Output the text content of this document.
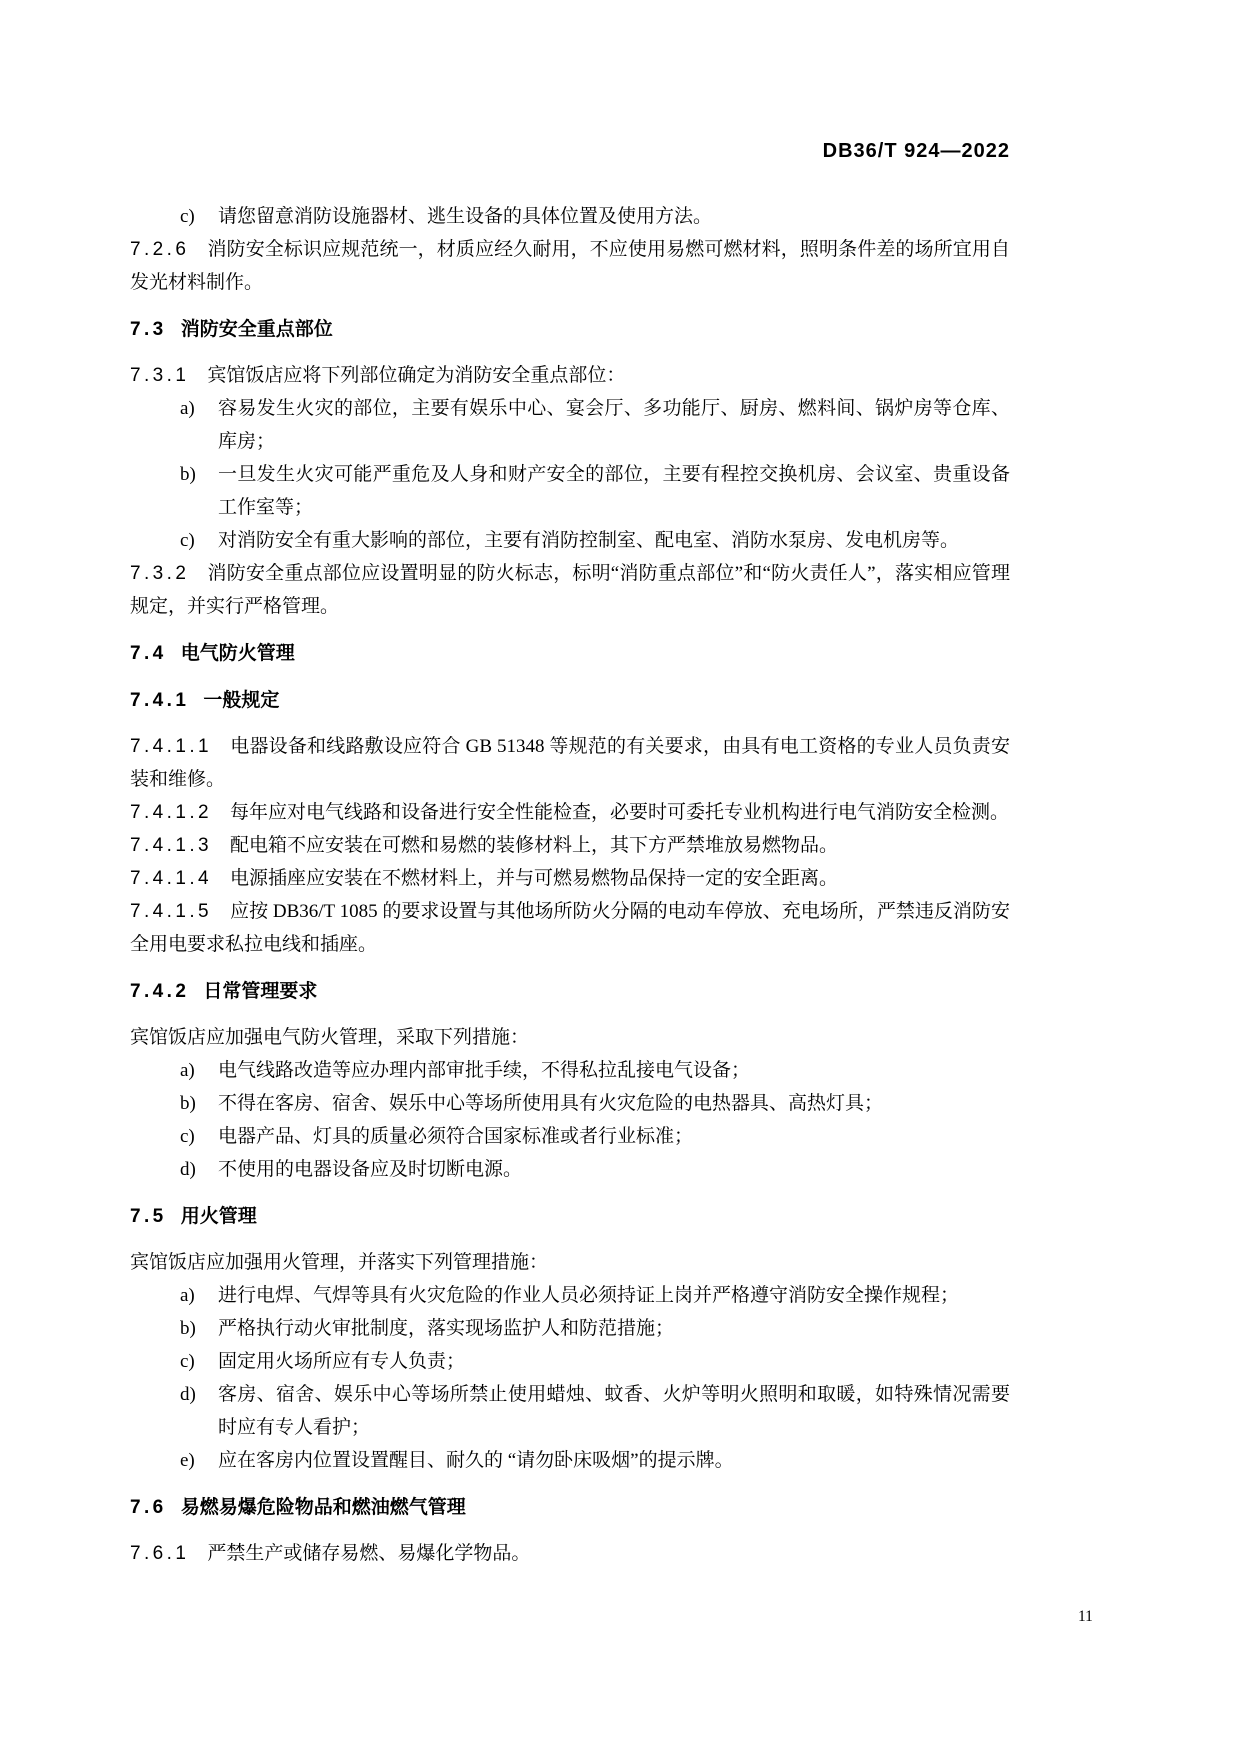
DB36/T 924—2022

c)	请您留意消防设施器材、逃生设备的具体位置及使用方法。

7.2.6 消防安全标识应规范统一，材质应经久耐用，不应使用易燃可燃材料，照明条件差的场所宜用自发光材料制作。

7.3 消防安全重点部位

7.3.1 宾馆饭店应将下列部位确定为消防安全重点部位：

a)	容易发生火灾的部位，主要有娱乐中心、宴会厅、多功能厅、厨房、燃料间、锅炉房等仓库、库房；
b)	一旦发生火灾可能严重危及人身和财产安全的部位，主要有程控交换机房、会议室、贵重设备工作室等；
c)	对消防安全有重大影响的部位，主要有消防控制室、配电室、消防水泵房、发电机房等。

7.3.2 消防安全重点部位应设置明显的防火标志，标明“消防重点部位”和“防火责任人”，落实相应管理规定，并实行严格管理。

7.4 电气防火管理
7.4.1 一般规定

7.4.1.1 电器设备和线路敷设应符合 GB 51348 等规范的有关要求，由具有电工资格的专业人员负责安装和维修。

7.4.1.2 每年应对电气线路和设备进行安全性能检查，必要时可委托专业机构进行电气消防安全检测。

7.4.1.3 配电箱不应安装在可燃和易燃的装修材料上，其下方严禁堆放易燃物品。

7.4.1.4 电源插座应安装在不燃材料上，并与可燃易燃物品保持一定的安全距离。

7.4.1.5 应按 DB36/T 1085 的要求设置与其他场所防火分隔的电动车停放、充电场所，严禁违反消防安全用电要求私拉电线和插座。

7.4.2 日常管理要求

宾馆饭店应加强电气防火管理，采取下列措施：

a)	电气线路改造等应办理内部审批手续，不得私拉乱接电气设备；
b)	不得在客房、宿舍、娱乐中心等场所使用具有火灾危险的电热器具、高热灯具；
c)	电器产品、灯具的质量必须符合国家标准或者行业标准；
d)	不使用的电器设备应及时切断电源。
7.5 用火管理

宾馆饭店应加强用火管理，并落实下列管理措施：

a)	进行电焊、气焊等具有火灾危险的作业人员必须持证上岗并严格遵守消防安全操作规程；
b)	严格执行动火审批制度，落实现场监护人和防范措施；
c)	固定用火场所应有专人负责；
d)	客房、宿舍、娱乐中心等场所禁止使用蜡烛、蚊香、火炉等明火照明和取暖，如特殊情况需要时应有专人看护；
e)	应在客房内位置设置醒目、耐久的 “请勿卧床吸烟”的提示牌。
7.6 易燃易爆危险物品和燃油燃气管理

7.6.1 严禁生产或储存易燃、易爆化学物品。

11
